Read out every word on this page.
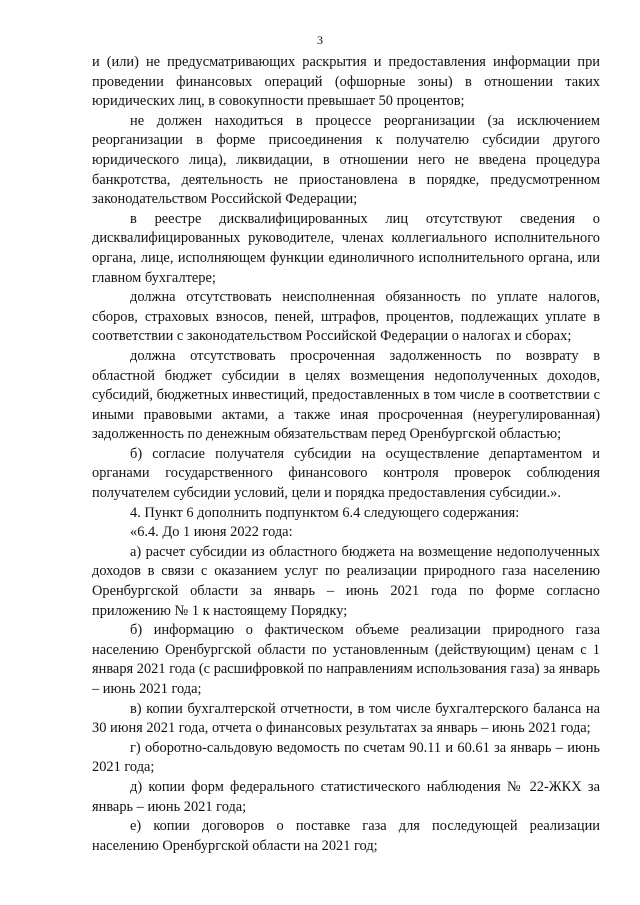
3

и (или) не предусматривающих раскрытия и предоставления информации при проведении финансовых операций (офшорные зоны) в отношении таких юридических лиц, в совокупности превышает 50 процентов;

не должен находиться в процессе реорганизации (за исключением реорганизации в форме присоединения к получателю субсидии другого юридического лица), ликвидации, в отношении него не введена процедура банкротства, деятельность не приостановлена в порядке, предусмотренном законодательством Российской Федерации;

в реестре дисквалифицированных лиц отсутствуют сведения о дисквалифицированных руководителе, членах коллегиального исполнительного органа, лице, исполняющем функции единоличного исполнительного органа, или главном бухгалтере;

должна отсутствовать неисполненная обязанность по уплате налогов, сборов, страховых взносов, пеней, штрафов, процентов, подлежащих уплате в соответствии с законодательством Российской Федерации о налогах и сборах;

должна отсутствовать просроченная задолженность по возврату в областной бюджет субсидии в целях возмещения недополученных доходов, субсидий, бюджетных инвестиций, предоставленных в том числе в соответствии с иными правовыми актами, а также иная просроченная (неурегулированная) задолженность по денежным обязательствам перед Оренбургской областью;

б) согласие получателя субсидии на осуществление департаментом и органами государственного финансового контроля проверок соблюдения получателем субсидии условий, цели и порядка предоставления субсидии.».

4. Пункт 6 дополнить подпунктом 6.4 следующего содержания:

«6.4. До 1 июня 2022 года:

а) расчет субсидии из областного бюджета на возмещение недополученных доходов в связи с оказанием услуг по реализации природного газа населению Оренбургской области за январь – июнь 2021 года по форме согласно приложению № 1 к настоящему Порядку;

б) информацию о фактическом объеме реализации природного газа населению Оренбургской области по установленным (действующим) ценам с 1 января 2021 года (с расшифровкой по направлениям использования газа) за январь – июнь 2021 года;

в) копии бухгалтерской отчетности, в том числе бухгалтерского баланса на 30 июня 2021 года, отчета о финансовых результатах за январь – июнь 2021 года;

г) оборотно-сальдовую ведомость по счетам 90.11 и 60.61 за январь – июнь 2021 года;

д) копии форм федерального статистического наблюдения № 22-ЖКХ за январь – июнь 2021 года;

е) копии договоров о поставке газа для последующей реализации населению Оренбургской области на 2021 год;
